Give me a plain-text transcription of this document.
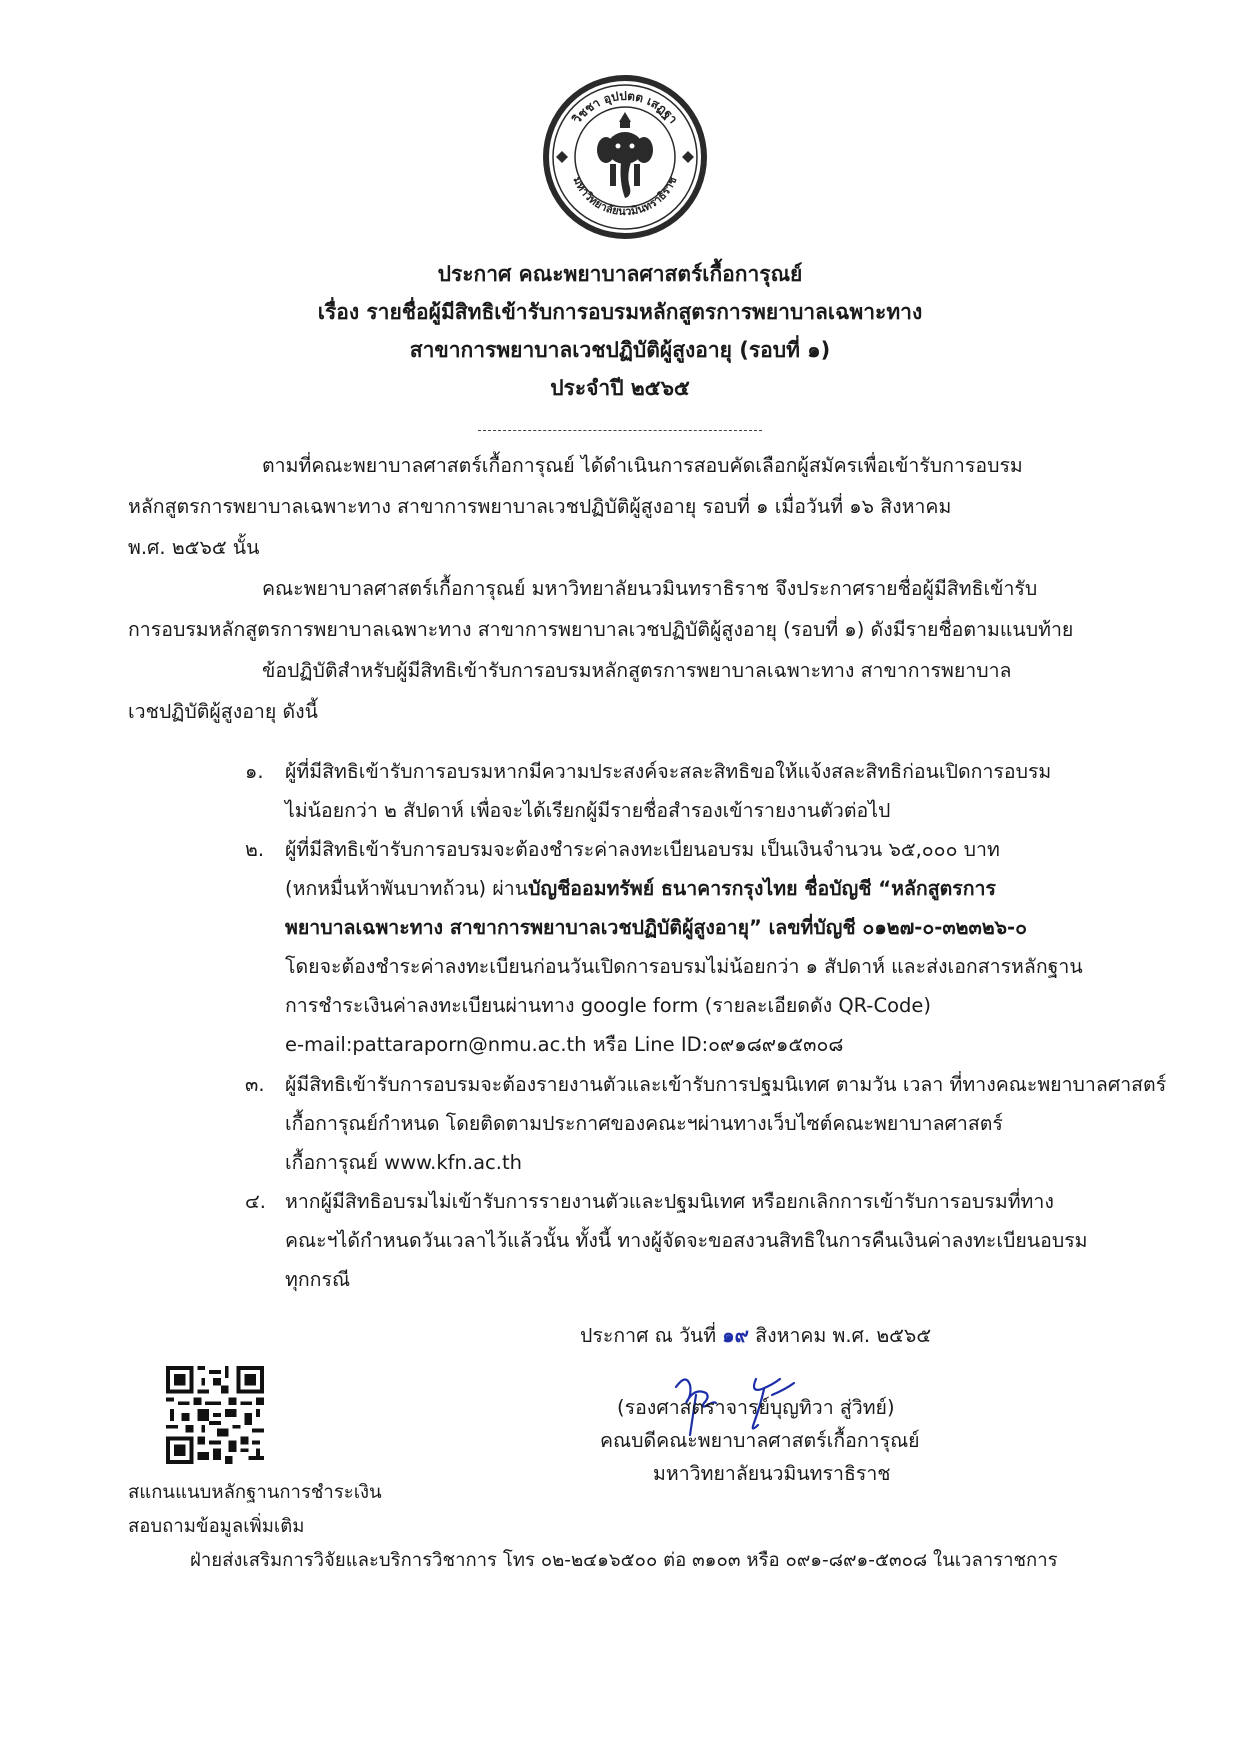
วิชชา อุปปตต เสฏฐา
มหาวิทยาลัยนวมินทราธิราช
ประกาศ คณะพยาบาลศาสตร์เกื้อการุณย์
เรื่อง รายชื่อผู้มีสิทธิเข้ารับการอบรมหลักสูตรการพยาบาลเฉพาะทาง
สาขาการพยาบาลเวชปฏิบัติผู้สูงอายุ (รอบที่ ๑)
ประจำปี ๒๕๖๕
ตามที่คณะพยาบาลศาสตร์เกื้อการุณย์ ได้ดำเนินการสอบคัดเลือกผู้สมัครเพื่อเข้ารับการอบรม
หลักสูตรการพยาบาลเฉพาะทาง สาขาการพยาบาลเวชปฏิบัติผู้สูงอายุ รอบที่ ๑ เมื่อวันที่ ๑๖ สิงหาคม
พ.ศ. ๒๕๖๕ นั้น
คณะพยาบาลศาสตร์เกื้อการุณย์ มหาวิทยาลัยนวมินทราธิราช จึงประกาศรายชื่อผู้มีสิทธิเข้ารับ
การอบรมหลักสูตรการพยาบาลเฉพาะทาง สาขาการพยาบาลเวชปฏิบัติผู้สูงอายุ (รอบที่ ๑) ดังมีรายชื่อตามแนบท้าย
ข้อปฏิบัติสำหรับผู้มีสิทธิเข้ารับการอบรมหลักสูตรการพยาบาลเฉพาะทาง สาขาการพยาบาล
เวชปฏิบัติผู้สูงอายุ ดังนี้
๑. ผู้ที่มีสิทธิเข้ารับการอบรมหากมีความประสงค์จะสละสิทธิขอให้แจ้งสละสิทธิก่อนเปิดการอบรม
ไม่น้อยกว่า ๒ สัปดาห์ เพื่อจะได้เรียกผู้มีรายชื่อสำรองเข้ารายงานตัวต่อไป
๒. ผู้ที่มีสิทธิเข้ารับการอบรมจะต้องชำระค่าลงทะเบียนอบรม เป็นเงินจำนวน ๖๕,๐๐๐ บาท
(หกหมื่นห้าพันบาทถ้วน) ผ่านบัญชีออมทรัพย์ ธนาคารกรุงไทย ชื่อบัญชี “หลักสูตรการ
พยาบาลเฉพาะทาง สาขาการพยาบาลเวชปฏิบัติผู้สูงอายุ” เลขที่บัญชี ๐๑๒๗-๐-๓๒๓๒๖-๐
โดยจะต้องชำระค่าลงทะเบียนก่อนวันเปิดการอบรมไม่น้อยกว่า ๑ สัปดาห์ และส่งเอกสารหลักฐาน
การชำระเงินค่าลงทะเบียนผ่านทาง google form (รายละเอียดดัง QR-Code)
e-mail:pattaraporn@nmu.ac.th หรือ Line ID:๐๙๑๘๙๑๕๓๐๘
๓. ผู้มีสิทธิเข้ารับการอบรมจะต้องรายงานตัวและเข้ารับการปฐมนิเทศ ตามวัน เวลา ที่ทางคณะพยาบาลศาสตร์
เกื้อการุณย์กำหนด โดยติดตามประกาศของคณะฯผ่านทางเว็บไซต์คณะพยาบาลศาสตร์
เกื้อการุณย์ www.kfn.ac.th
๔. หากผู้มีสิทธิอบรมไม่เข้ารับการรายงานตัวและปฐมนิเทศ หรือยกเลิกการเข้ารับการอบรมที่ทาง
คณะฯได้กำหนดวันเวลาไว้แล้วนั้น ทั้งนี้ ทางผู้จัดจะขอสงวนสิทธิในการคืนเงินค่าลงทะเบียนอบรม
ทุกกรณี
ประกาศ ณ วันที่ ๑๙ สิงหาคม พ.ศ. ๒๕๖๕
(รองศาสตราจารย์บุญทิวา สู่วิทย์)
คณบดีคณะพยาบาลศาสตร์เกื้อการุณย์
มหาวิทยาลัยนวมินทราธิราช
สแกนแนบหลักฐานการชำระเงิน
สอบถามข้อมูลเพิ่มเติม
ฝ่ายส่งเสริมการวิจัยและบริการวิชาการ โทร ๐๒-๒๔๑๖๕๐๐ ต่อ ๓๑๐๓ หรือ ๐๙๑-๘๙๑-๕๓๐๘ ในเวลาราชการ
